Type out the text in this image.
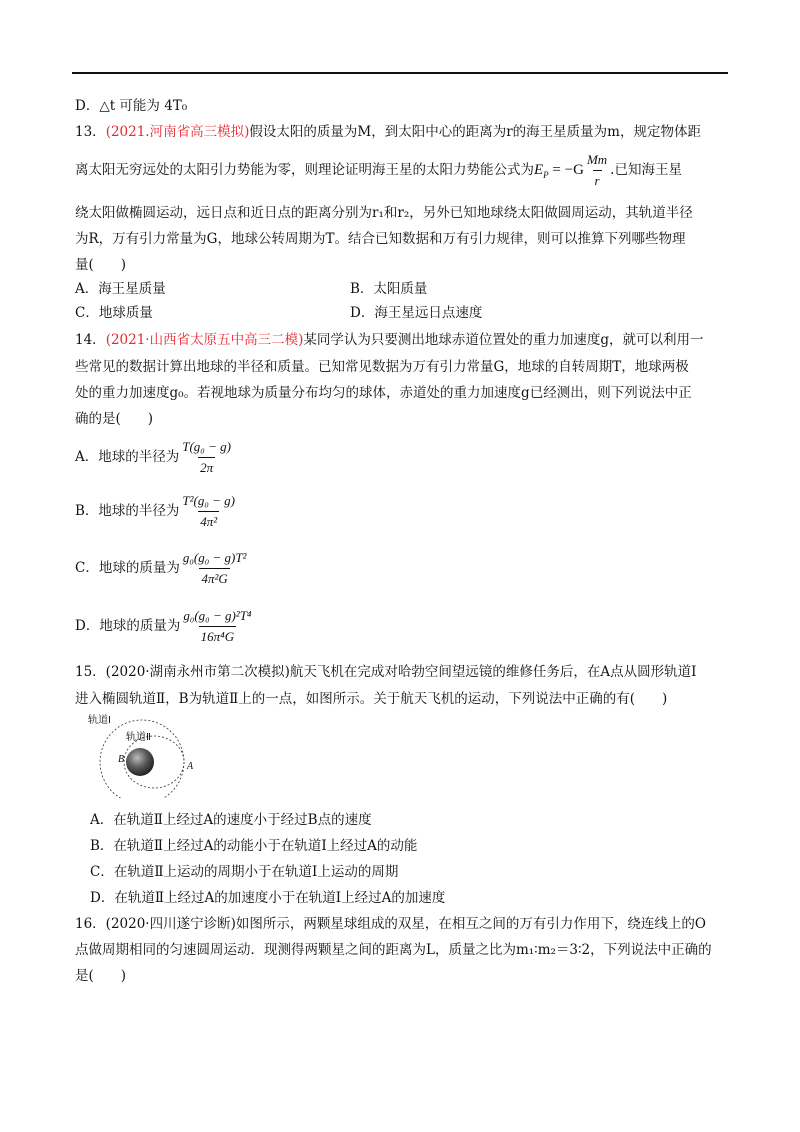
D．△t 可能为 4T₀
13．(2021.河南省高三模拟)假设太阳的质量为M，到太阳中心的距离为r的海王星质量为m，规定物体距
离太阳无穷远处的太阳引力势能为零，则理论证明海王星的太阳力势能公式为$E_P = -G \frac{Mm}{r}$ .已知海王星
绕太阳做椭圆运动，远日点和近日点的距离分别为r₁和r₂，另外已知地球绕太阳做圆周运动，其轨道半径
为R，万有引力常量为G，地球公转周期为T。结合已知数据和万有引力规律，则可以推算下列哪些物理
量(　　)
A．海王星质量	B．太阳质量
C．地球质量	D．海王星远日点速度
14．(2021·山西省太原五中高三二模)某同学认为只要测出地球赤道位置处的重力加速度g，就可以利用一
些常见的数据计算出地球的半径和质量。已知常见数据为万有引力常量G，地球的自转周期T，地球两极
处的重力加速度g₀。若视地球为质量分布均匀的球体，赤道处的重力加速度g已经测出，则下列说法中正
确的是(　　)
A．地球的半径为 $\frac{\text{T(g₀ − g)}}{2\pi}$
B．地球的半径为 $\frac{\text{T²(g₀ − g)}}{\text{4π²}}$
C．地球的质量为 $\frac{\text{g₀(g₀ − g)T²}}{\text{4π²G}}$
D．地球的质量为 $\frac{\text{g₀(g₀ − g)²T⁴}}{\text{16π⁴G}}$
15．(2020·湖南永州市第二次模拟)航天飞机在完成对哈勃空间望远镜的维修任务后，在A点从圆形轨道Ⅰ
进入椭圆轨道Ⅱ，B为轨道Ⅱ上的一点，如图所示。关于航天飞机的运动，下列说法中正确的有(　　)
轨道Ⅰ
轨道Ⅱ
B
A
A．在轨道Ⅱ上经过A的速度小于经过B点的速度
B．在轨道Ⅱ上经过A的动能小于在轨道Ⅰ上经过A的动能
C．在轨道Ⅱ上运动的周期小于在轨道Ⅰ上运动的周期
D．在轨道Ⅱ上经过A的加速度小于在轨道Ⅰ上经过A的加速度
16．(2020·四川遂宁诊断)如图所示，两颗星球组成的双星，在相互之间的万有引力作用下，绕连线上的O
点做周期相同的匀速圆周运动．现测得两颗星之间的距离为L，质量之比为m₁∶m₂＝3∶2，下列说法中正确的
是(　　)
